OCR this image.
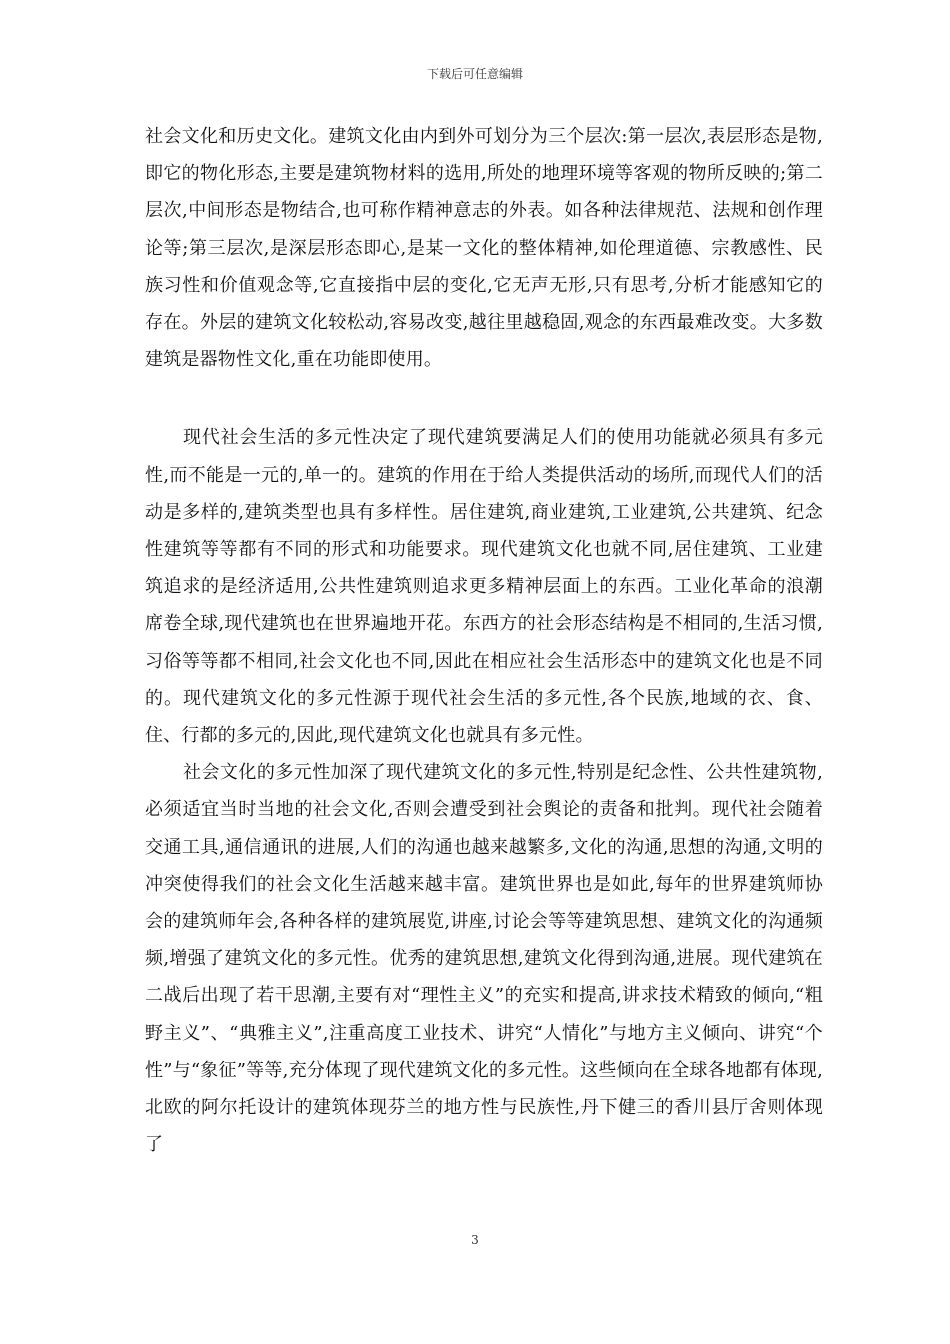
下载后可任意编辑

社会文化和历史文化。建筑文化由内到外可划分为三个层次:第一层次,表层形态是物,即它的物化形态,主要是建筑物材料的选用,所处的地理环境等客观的物所反映的;第二层次,中间形态是物结合,也可称作精神意志的外表。如各种法律规范、法规和创作理论等;第三层次,是深层形态即心,是某一文化的整体精神,如伦理道德、宗教感性、民族习性和价值观念等,它直接指中层的变化,它无声无形,只有思考,分析才能感知它的存在。外层的建筑文化较松动,容易改变,越往里越稳固,观念的东西最难改变。大多数建筑是器物性文化,重在功能即使用。

现代社会生活的多元性决定了现代建筑要满足人们的使用功能就必须具有多元性,而不能是一元的,单一的。建筑的作用在于给人类提供活动的场所,而现代人们的活动是多样的,建筑类型也具有多样性。居住建筑,商业建筑,工业建筑,公共建筑、纪念性建筑等等都有不同的形式和功能要求。现代建筑文化也就不同,居住建筑、工业建筑追求的是经济适用,公共性建筑则追求更多精神层面上的东西。工业化革命的浪潮席卷全球,现代建筑也在世界遍地开花。东西方的社会形态结构是不相同的,生活习惯,习俗等等都不相同,社会文化也不同,因此在相应社会生活形态中的建筑文化也是不同的。现代建筑文化的多元性源于现代社会生活的多元性,各个民族,地域的衣、食、住、行都的多元的,因此,现代建筑文化也就具有多元性。

社会文化的多元性加深了现代建筑文化的多元性,特别是纪念性、公共性建筑物,必须适宜当时当地的社会文化,否则会遭受到社会舆论的责备和批判。现代社会随着交通工具,通信通讯的进展,人们的沟通也越来越繁多,文化的沟通,思想的沟通,文明的冲突使得我们的社会文化生活越来越丰富。建筑世界也是如此,每年的世界建筑师协会的建筑师年会,各种各样的建筑展览,讲座,讨论会等等建筑思想、建筑文化的沟通频频,增强了建筑文化的多元性。优秀的建筑思想,建筑文化得到沟通,进展。现代建筑在二战后出现了若干思潮,主要有对“理性主义”的充实和提高,讲求技术精致的倾向,“粗野主义”、“典雅主义”,注重高度工业技术、讲究“人情化”与地方主义倾向、讲究“个性”与“象征”等等,充分体现了现代建筑文化的多元性。这些倾向在全球各地都有体现,北欧的阿尔托设计的建筑体现芬兰的地方性与民族性,丹下健三的香川县厅舍则体现了

3
